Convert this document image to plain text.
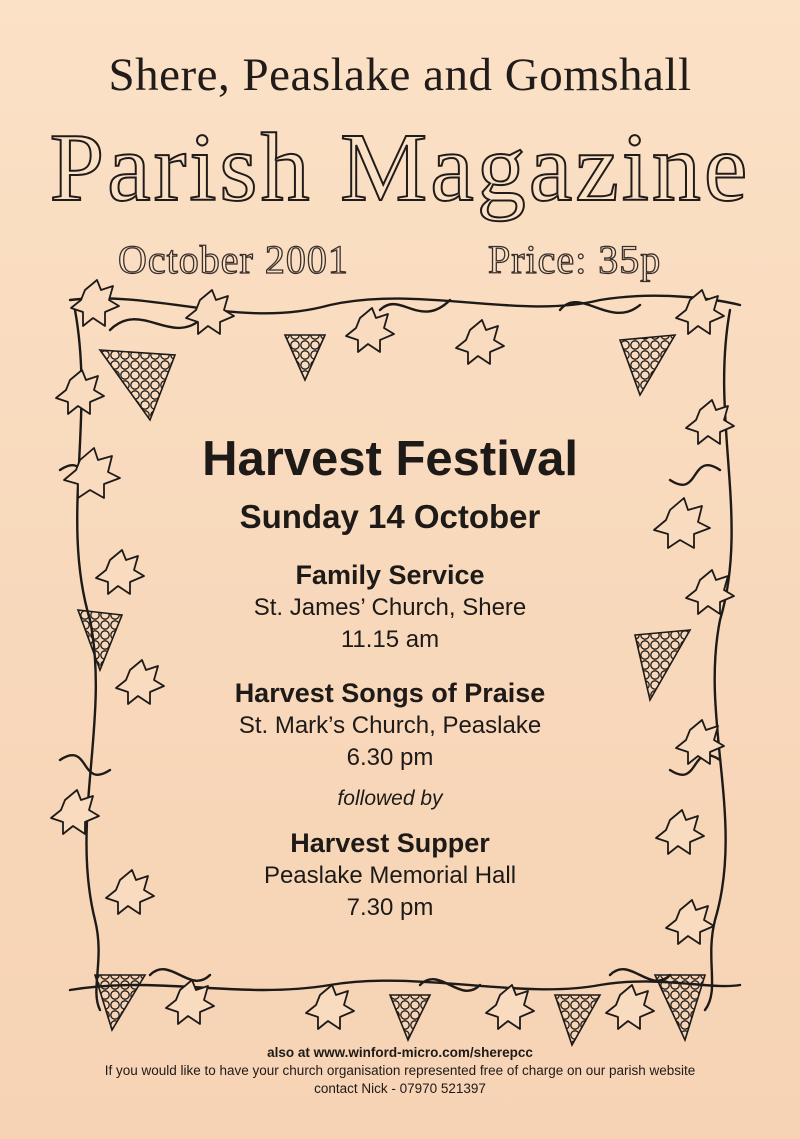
Shere, Peaslake and Gomshall
Parish Magazine
October 2001	Price: 35p
Harvest Festival
Sunday 14 October
Family Service
St. James’ Church, Shere
11.15 am
Harvest Songs of Praise
St. Mark’s Church, Peaslake
6.30 pm
followed by
Harvest Supper
Peaslake Memorial Hall
7.30 pm
also at www.winford-micro.com/sherepcc
If you would like to have your church organisation represented free of charge on our parish website
contact Nick - 07970 521397
